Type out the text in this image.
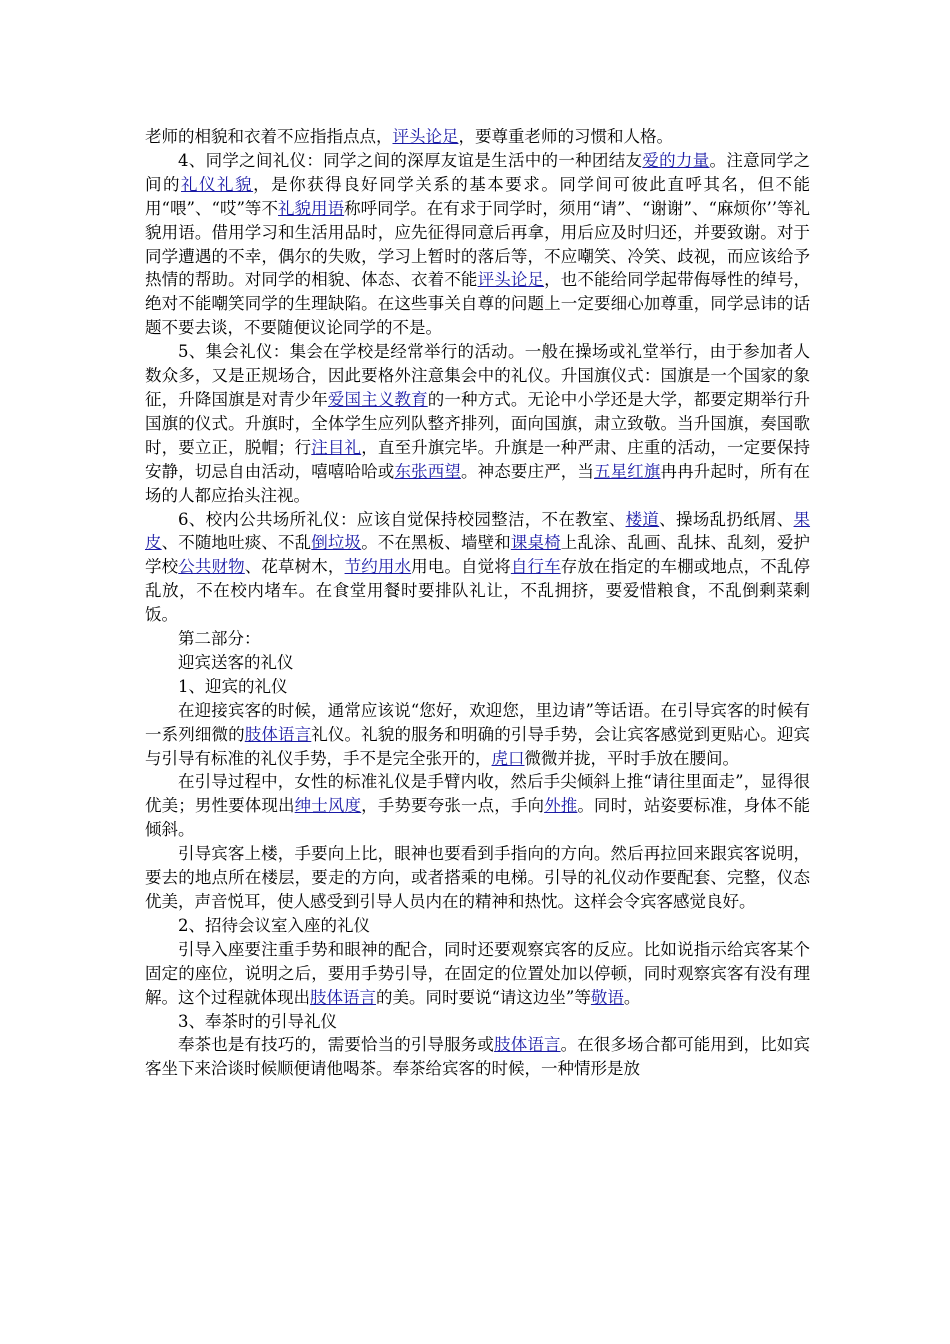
老师的相貌和衣着不应指指点点，评头论足，要尊重老师的习惯和人格。

4、同学之间礼仪：同学之间的深厚友谊是生活中的一种团结友爱的力量。注意同学之间的礼仪礼貌，是你获得良好同学关系的基本要求。同学间可彼此直呼其名，但不能用“喂”、“哎”等不礼貌用语称呼同学。在有求于同学时，须用“请”、“谢谢”、“麻烦你’’等礼貌用语。借用学习和生活用品时，应先征得同意后再拿，用后应及时归还，并要致谢。对于同学遭遇的不幸，偶尔的失败，学习上暂时的落后等，不应嘲笑、冷笑、歧视，而应该给予热情的帮助。对同学的相貌、体态、衣着不能评头论足，也不能给同学起带侮辱性的绰号，绝对不能嘲笑同学的生理缺陷。在这些事关自尊的问题上一定要细心加尊重，同学忌讳的话题不要去谈，不要随便议论同学的不是。

5、集会礼仪：集会在学校是经常举行的活动。一般在操场或礼堂举行，由于参加者人数众多，又是正规场合，因此要格外注意集会中的礼仪。升国旗仪式：国旗是一个国家的象征，升降国旗是对青少年爱国主义教育的一种方式。无论中小学还是大学，都要定期举行升国旗的仪式。升旗时，全体学生应列队整齐排列，面向国旗，肃立致敬。当升国旗，奏国歌时，要立正，脱帽；行注目礼，直至升旗完毕。升旗是一种严肃、庄重的活动，一定要保持安静，切忌自由活动，嘻嘻哈哈或东张西望。神态要庄严，当五星红旗冉冉升起时，所有在场的人都应抬头注视。

6、校内公共场所礼仪：应该自觉保持校园整洁，不在教室、楼道、操场乱扔纸屑、果皮、不随地吐痰、不乱倒垃圾。不在黑板、墙壁和课桌椅上乱涂、乱画、乱抹、乱刻，爱护学校公共财物、花草树木，节约用水用电。自觉将自行车存放在指定的车棚或地点，不乱停乱放，不在校内堵车。在食堂用餐时要排队礼让，不乱拥挤，要爱惜粮食，不乱倒剩菜剩饭。

第二部分：

迎宾送客的礼仪

1、迎宾的礼仪

在迎接宾客的时候，通常应该说“您好，欢迎您，里边请”等话语。在引导宾客的时候有一系列细微的肢体语言礼仪。礼貌的服务和明确的引导手势，会让宾客感觉到更贴心。迎宾与引导有标准的礼仪手势，手不是完全张开的，虎口微微并拢，平时手放在腰间。

在引导过程中，女性的标准礼仪是手臂内收，然后手尖倾斜上推“请往里面走”，显得很优美；男性要体现出绅士风度，手势要夸张一点，手向外推。同时，站姿要标准，身体不能倾斜。

引导宾客上楼，手要向上比，眼神也要看到手指向的方向。然后再拉回来跟宾客说明，要去的地点所在楼层，要走的方向，或者搭乘的电梯。引导的礼仪动作要配套、完整，仪态优美，声音悦耳，使人感受到引导人员内在的精神和热忱。这样会令宾客感觉良好。

2、招待会议室入座的礼仪

引导入座要注重手势和眼神的配合，同时还要观察宾客的反应。比如说指示给宾客某个固定的座位，说明之后，要用手势引导，在固定的位置处加以停顿，同时观察宾客有没有理解。这个过程就体现出肢体语言的美。同时要说“请这边坐”等敬语。

3、奉茶时的引导礼仪

奉茶也是有技巧的，需要恰当的引导服务或肢体语言。在很多场合都可能用到，比如宾客坐下来洽谈时候顺便请他喝茶。奉茶给宾客的时候，一种情形是放
